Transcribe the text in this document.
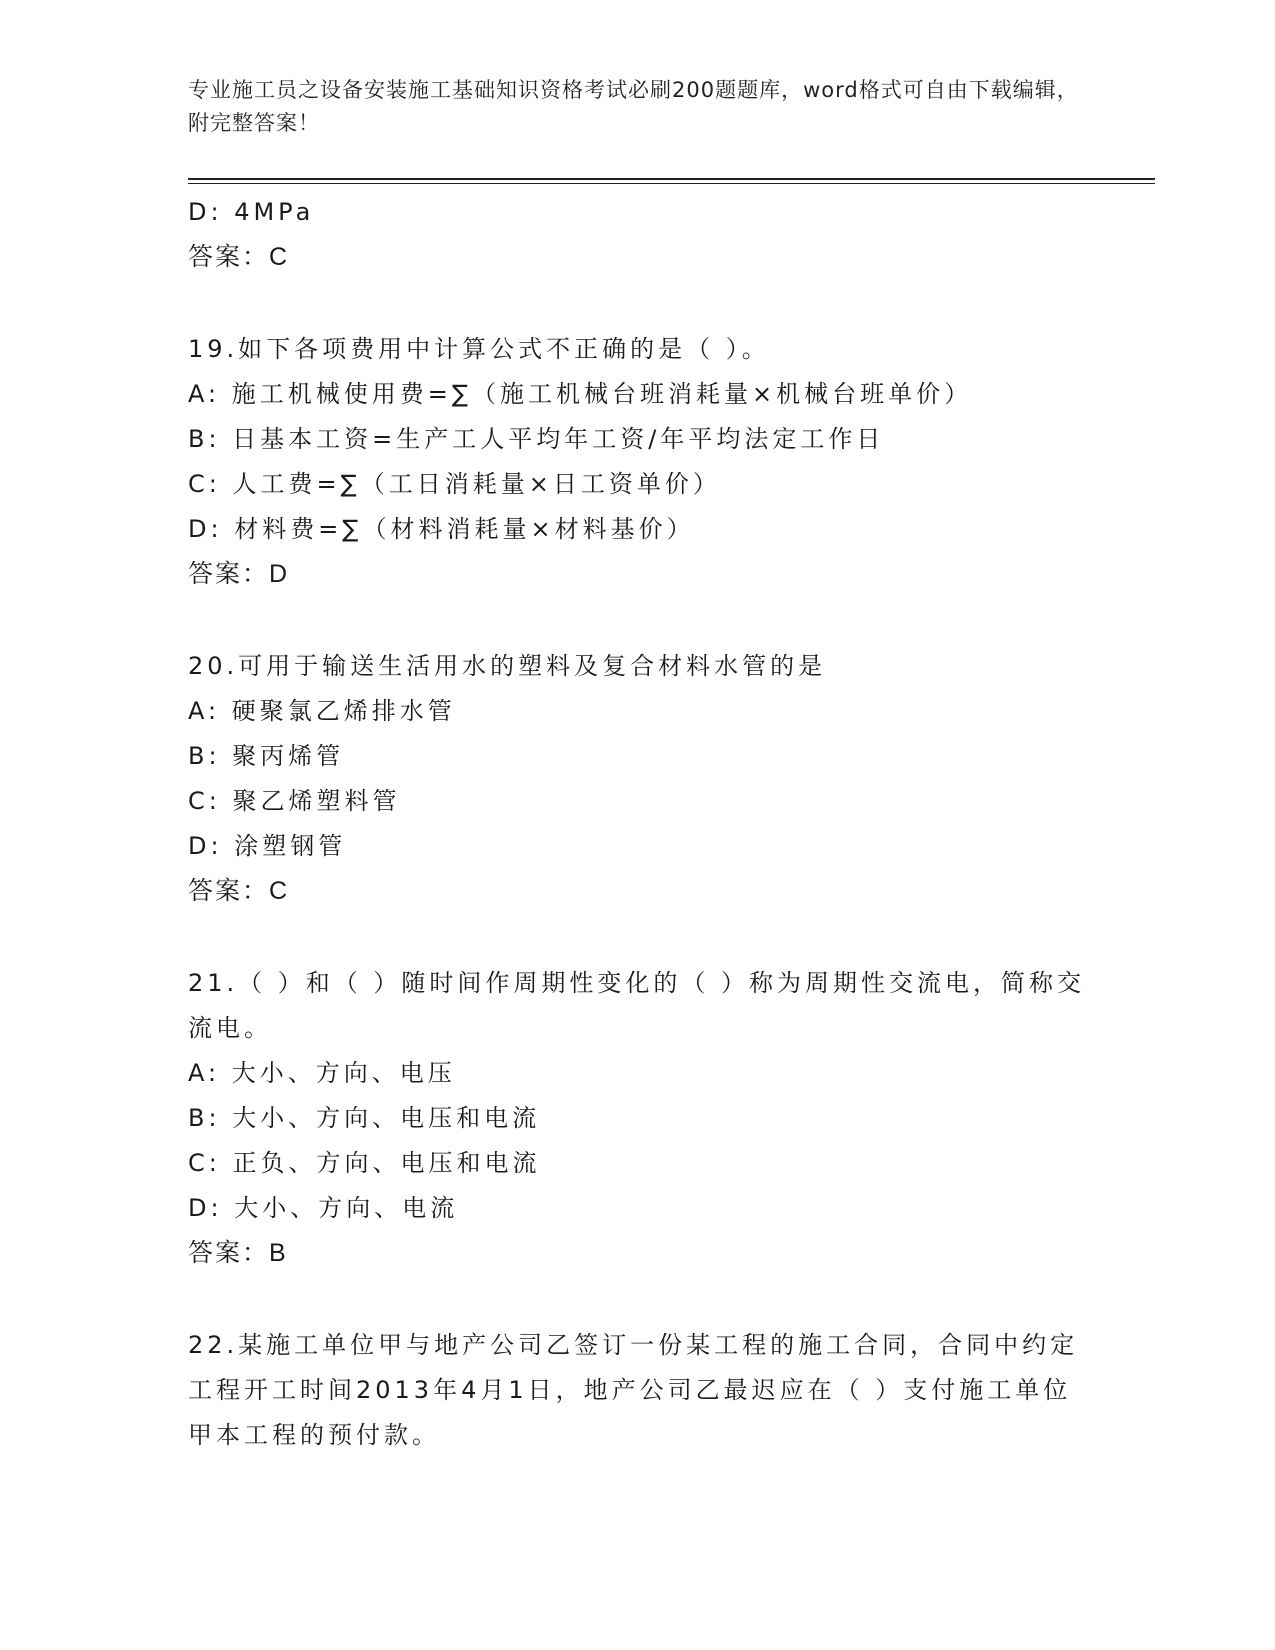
专业施工员之设备安装施工基础知识资格考试必刷200题题库，word格式可自由下载编辑，附完整答案！
D: 4MPa
答案：C
19.如下各项费用中计算公式不正确的是（ ）。
A: 施工机械使用费=∑（施工机械台班消耗量×机械台班单价）
B: 日基本工资=生产工人平均年工资/年平均法定工作日
C: 人工费=∑（工日消耗量×日工资单价）
D: 材料费=∑（材料消耗量×材料基价）
答案：D
20.可用于输送生活用水的塑料及复合材料水管的是
A: 硬聚氯乙烯排水管
B: 聚丙烯管
C: 聚乙烯塑料管
D: 涂塑钢管
答案：C
21.（ ）和（ ）随时间作周期性变化的（ ）称为周期性交流电，简称交流电。
A: 大小、方向、电压
B: 大小、方向、电压和电流
C: 正负、方向、电压和电流
D: 大小、方向、电流
答案：B
22.某施工单位甲与地产公司乙签订一份某工程的施工合同，合同中约定工程开工时间2013年4月1日，地产公司乙最迟应在（ ）支付施工单位甲本工程的预付款。
